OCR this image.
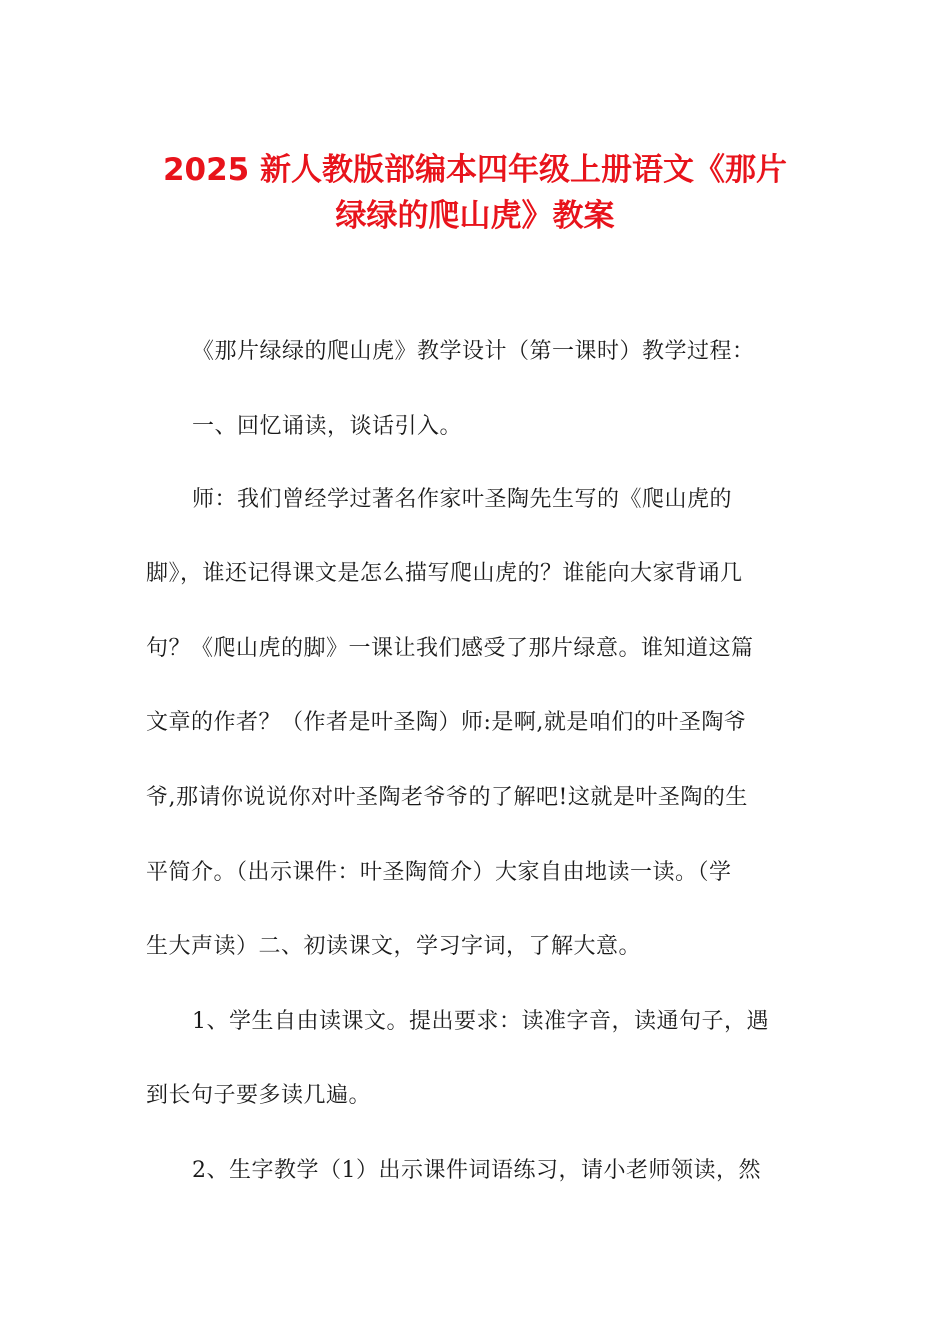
2025 新人教版部编本四年级上册语文《那片
绿绿的爬山虎》教案
《那片绿绿的爬山虎》教学设计（第一课时）教学过程：
一、回忆诵读，谈话引入。
师：我们曾经学过著名作家叶圣陶先生写的《爬山虎的
脚》，谁还记得课文是怎么描写爬山虎的？谁能向大家背诵几
句？《爬山虎的脚》一课让我们感受了那片绿意。谁知道这篇
文章的作者？（作者是叶圣陶）师:是啊,就是咱们的叶圣陶爷
爷,那请你说说你对叶圣陶老爷爷的了解吧!这就是叶圣陶的生
平简介。（出示课件：叶圣陶简介）大家自由地读一读。（学
生大声读）二、初读课文，学习字词，了解大意。
1、学生自由读课文。提出要求：读准字音，读通句子，遇
到长句子要多读几遍。
2、生字教学（1）出示课件词语练习，请小老师领读，然
